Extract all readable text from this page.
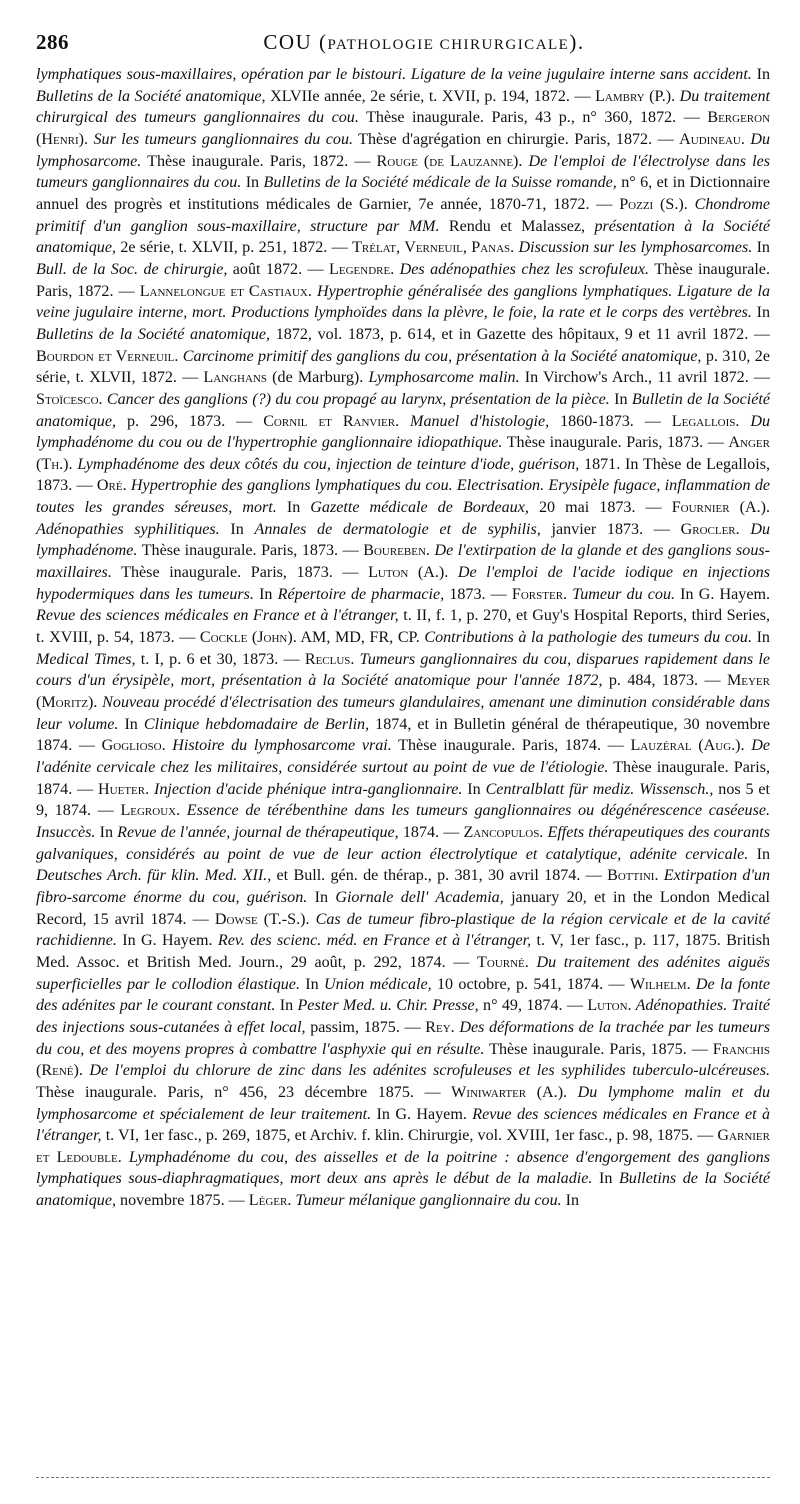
286	COU (PATHOLOGIE CHIRURGICALE).
lymphatiques sous-maxillaires, opération par le bistouri. Ligature de la veine jugulaire interne sans accident. In Bulletins de la Société anatomique, XLVIIe année, 2e série, t. XVII, p. 194, 1872. — Lambry (P.). Du traitement chirurgical des tumeurs ganglionnaires du cou. Thèse inaugurale. Paris, 43 p., n° 360, 1872. — Bergeron (Henri). Sur les tumeurs ganglionnaires du cou. Thèse d'agrégation en chirurgie. Paris, 1872. — Audineau. Du lymphosarcome. Thèse inaugurale. Paris, 1872. — Rouge (de Lauzanne). De l'emploi de l'électrolyse dans les tumeurs ganglionnaires du cou. In Bulletins de la Société médicale de la Suisse romande, n° 6, et in Dictionnaire annuel des progrès et institutions médicales de Garnier, 7e année, 1870-71, 1872. — Pozzi (S.). Chondrome primitif d'un ganglion sous-maxillaire, structure par MM. Rendu et Malassez, présentation à la Société anatomique, 2e série, t. XLVII, p. 251, 1872. — Trélat, Verneuil, Panas. Discussion sur les lymphosarcomes. In Bull. de la Soc. de chirurgie, août 1872. — Legendre. Des adénopathies chez les scrofuleux. Thèse inaugurale. Paris, 1872. — Lannelongue et Castiaux. Hypertrophie généralisée des ganglions lymphatiques. Ligature de la veine jugulaire interne, mort. Productions lymphoïdes dans la plèvre, le foie, la rate et le corps des vertèbres. In Bulletins de la Société anatomique, 1872, vol. 1873, p. 614, et in Gazette des hôpitaux, 9 et 11 avril 1872. — Bourdon et Verneuil. Carcinome primitif des ganglions du cou, présentation à la Société anatomique, p. 310, 2e série, t. XLVII, 1872. — Langhans (de Marburg). Lymphosarcome malin. In Virchow's Arch., 11 avril 1872. — Stoïcesco. Cancer des ganglions (?) du cou propagé au larynx, présentation de la pièce. In Bulletin de la Société anatomique, p. 296, 1873. — Cornil et Ranvier. Manuel d'histologie, 1860-1873. — Legallois. Du lymphadénome du cou ou de l'hypertrophie ganglionnaire idiopathique. Thèse inaugurale. Paris, 1873. — Anger (Th.). Lymphadénome des deux côtés du cou, injection de teinture d'iode, guérison, 1871. In Thèse de Legallois, 1873. — Oré. Hypertrophie des ganglions lymphatiques du cou. Electrisation. Erysipèle fugace, inflammation de toutes les grandes séreuses, mort. In Gazette médicale de Bordeaux, 20 mai 1873. — Fournier (A.). Adénopathies syphilitiques. In Annales de dermatologie et de syphilis, janvier 1873. — Grocler. Du lymphadénome. Thèse inaugurale. Paris, 1873. — Boureben. De l'extirpation de la glande et des ganglions sous-maxillaires. Thèse inaugurale. Paris, 1873. — Luton (A.). De l'emploi de l'acide iodique en injections hypodermiques dans les tumeurs. In Répertoire de pharmacie, 1873. — Forster. Tumeur du cou. In G. Hayem. Revue des sciences médicales en France et à l'étranger, t. II, f. 1, p. 270, et Guy's Hospital Reports, third Series, t. XVIII, p. 54, 1873. — Cockle (John). AM, MD, FR, CP. Contributions à la pathologie des tumeurs du cou. In Medical Times, t. I, p. 6 et 30, 1873. — Reclus. Tumeurs ganglionnaires du cou, disparues rapidement dans le cours d'un érysipèle, mort, présentation à la Société anatomique pour l'année 1872, p. 484, 1873. — Meyer (Moritz). Nouveau procédé d'électrisation des tumeurs glandulaires, amenant une diminution considérable dans leur volume. In Clinique hebdomadaire de Berlin, 1874, et in Bulletin général de thérapeutique, 30 novembre 1874. — Goglioso. Histoire du lymphosarcome vrai. Thèse inaugurale. Paris, 1874. — Lauzéral (Aug.). De l'adénite cervicale chez les militaires, considérée surtout au point de vue de l'étiologie. Thèse inaugurale. Paris, 1874. — Hueter. Injection d'acide phénique intra-ganglionnaire. In Centralblatt für mediz. Wissensch., nos 5 et 9, 1874. — Legroux. Essence de térébenthine dans les tumeurs ganglionnaires ou dégénérescence caséeuse. Insuccès. In Revue de l'année, journal de thérapeutique, 1874. — Zancopulos. Effets thérapeutiques des courants galvaniques, considérés au point de vue de leur action électrolytique et catalytique, adénite cervicale. In Deutsches Arch. für klin. Med. XII., et Bull. gén. de thérap., p. 381, 30 avril 1874. — Bottini. Extirpation d'un fibro-sarcome énorme du cou, guérison. In Giornale dell' Academia, january 20, et in the London Medical Record, 15 avril 1874. — Dowse (T.-S.). Cas de tumeur fibro-plastique de la région cervicale et de la cavité rachidienne. In G. Hayem. Rev. des scienc. méd. en France et à l'étranger, t. V, 1er fasc., p. 117, 1875. British Med. Assoc. et British Med. Journ., 29 août, p. 292, 1874. — Tourné. Du traitement des adénites aiguës superficielles par le collodion élastique. In Union médicale, 10 octobre, p. 541, 1874. — Wilhelm. De la fonte des adénites par le courant constant. In Pester Med. u. Chir. Presse, n° 49, 1874. — Luton. Adénopathies. Traité des injections sous-cutanées à effet local, passim, 1875. — Rey. Des déformations de la trachée par les tumeurs du cou, et des moyens propres à combattre l'asphyxie qui en résulte. Thèse inaugurale. Paris, 1875. — Franchis (René). De l'emploi du chlorure de zinc dans les adénites scrofuleuses et les syphilides tuberculo-ulcéreuses. Thèse inaugurale. Paris, n° 456, 23 décembre 1875. — Winiwarter (A.). Du lymphome malin et du lymphosarcome et spécialement de leur traitement. In G. Hayem. Revue des sciences médicales en France et à l'étranger, t. VI, 1er fasc., p. 269, 1875, et Archiv. f. klin. Chirurgie, vol. XVIII, 1er fasc., p. 98, 1875. — Garnier et Ledouble. Lymphadénome du cou, des aisselles et de la poitrine : absence d'engorgement des ganglions lymphatiques sous-diaphragmatiques, mort deux ans après le début de la maladie. In Bulletins de la Société anatomique, novembre 1875. — Léger. Tumeur mélanique ganglionnaire du cou. In
